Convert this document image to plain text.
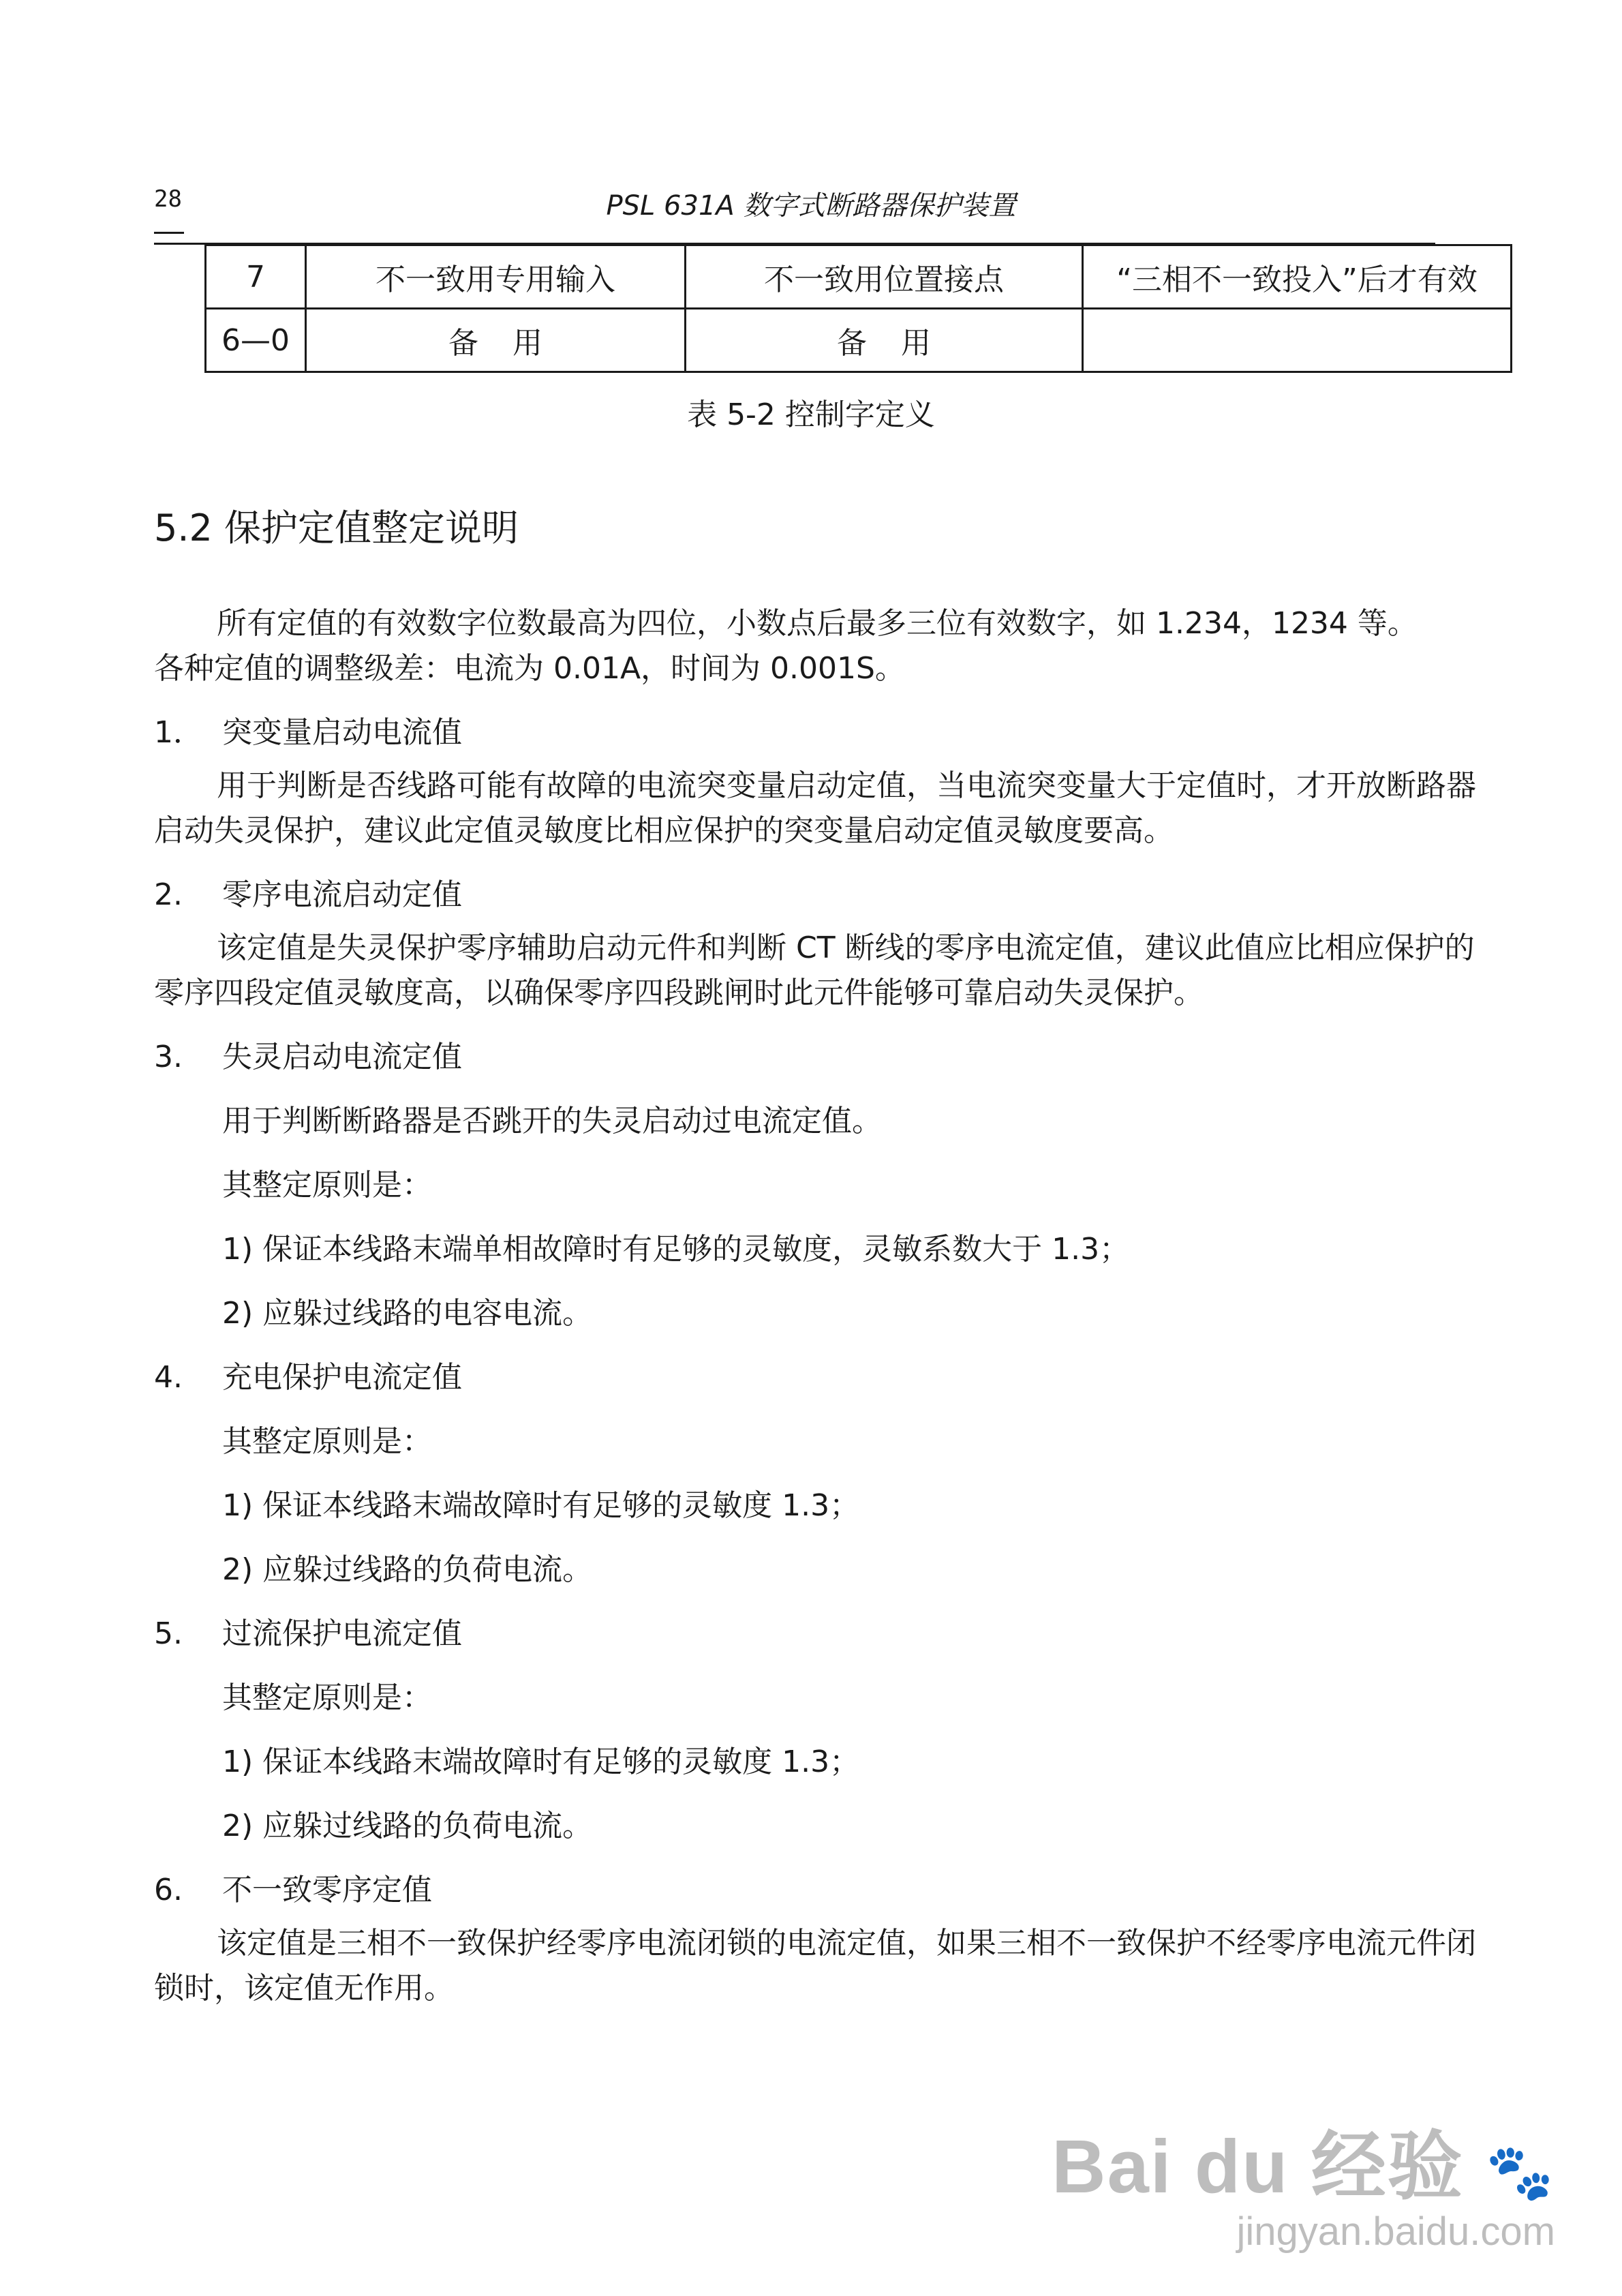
28	PSL 631A 数字式断路器保护装置
7	不一致用专用输入	不一致用位置接点	“三相不一致投入”后才有效
6—0	备用	备用	
表 5-2 控制字定义
5.2 保护定值整定说明

所有定值的有效数字位数最高为四位，小数点后最多三位有效数字，如 1.234，1234 等。

各种定值的调整级差：电流为 0.01A，时间为 0.001S。

1． 突变量启动电流值

用于判断是否线路可能有故障的电流突变量启动定值，当电流突变量大于定值时，才开放断路器启动失灵保护，建议此定值灵敏度比相应保护的突变量启动定值灵敏度要高。

2. 零序电流启动定值

该定值是失灵保护零序辅助启动元件和判断 CT 断线的零序电流定值，建议此值应比相应保护的零序四段定值灵敏度高，以确保零序四段跳闸时此元件能够可靠启动失灵保护。

3. 失灵启动电流定值

用于判断断路器是否跳开的失灵启动过电流定值。

其整定原则是：

1) 保证本线路末端单相故障时有足够的灵敏度，灵敏系数大于 1.3；

2) 应躲过线路的电容电流。

4. 充电保护电流定值

其整定原则是：

1) 保证本线路末端故障时有足够的灵敏度 1.3；

2) 应躲过线路的负荷电流。

5. 过流保护电流定值

其整定原则是：

1) 保证本线路末端故障时有足够的灵敏度 1.3；

2) 应躲过线路的负荷电流。

6. 不一致零序定值

该定值是三相不一致保护经零序电流闭锁的电流定值，如果三相不一致保护不经零序电流元件闭锁时，该定值无作用。

Bai du 经验 🐾
jingyan.baidu.com
